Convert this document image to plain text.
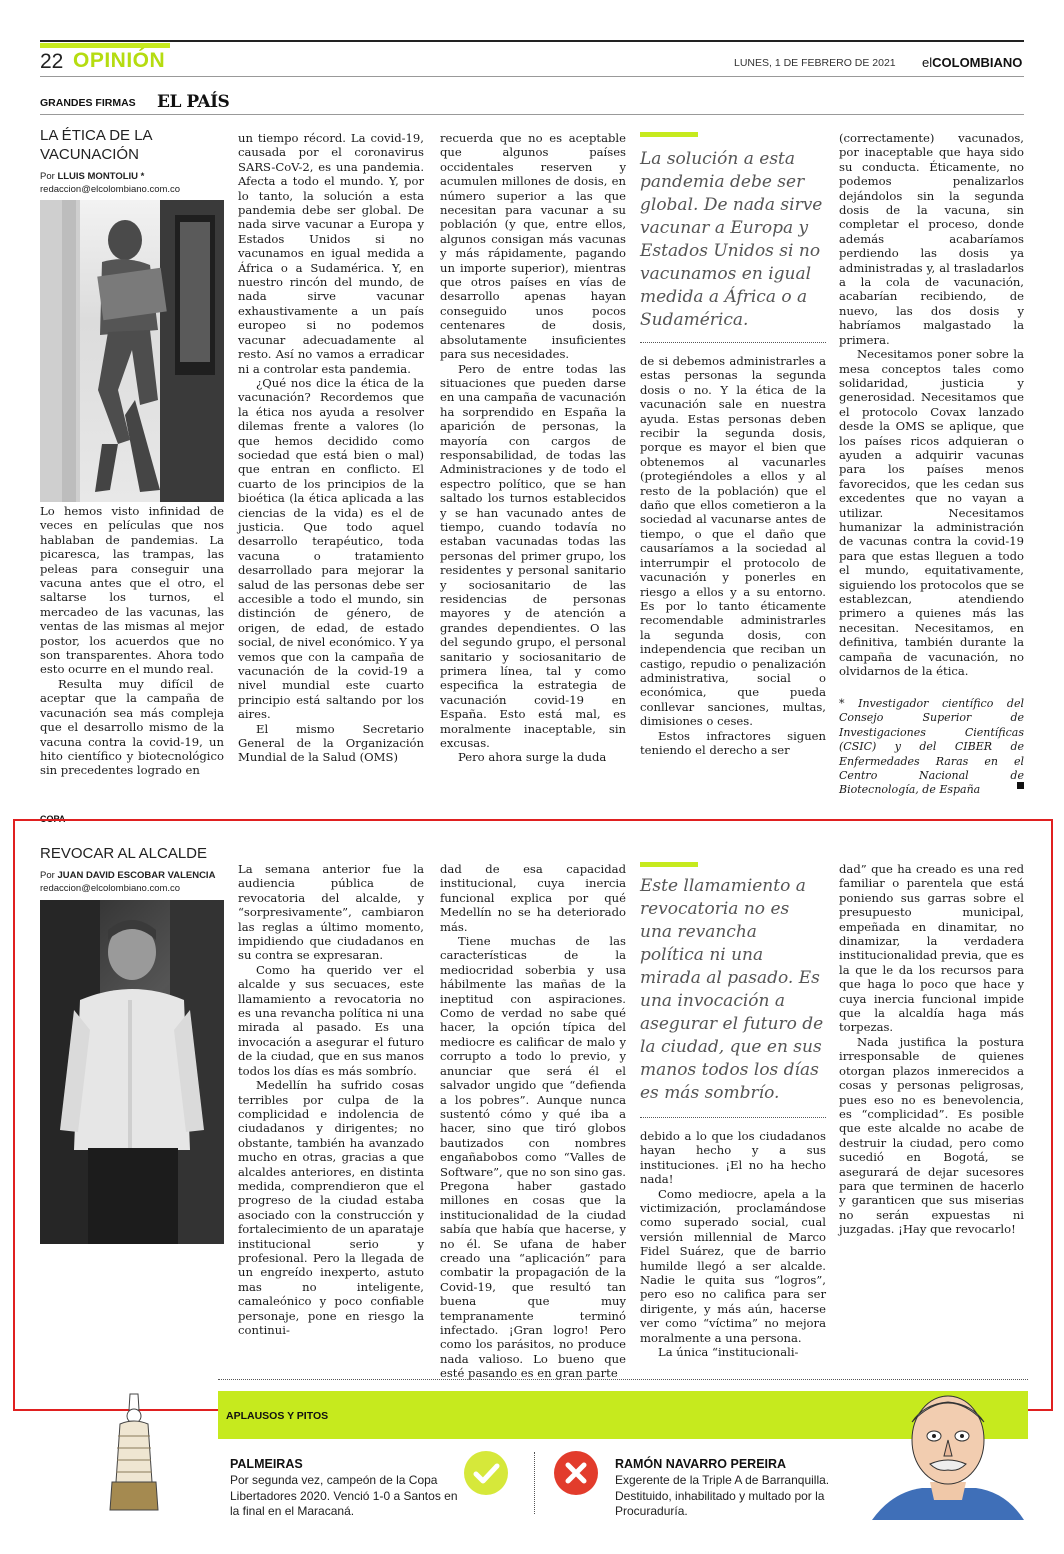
22 OPINIÓN	LUNES, 1 DE FEBRERO DE 2021 elCOLOMBIANO
GRANDES FIRMAS EL PAÍS
LA ÉTICA DE LA VACUNACIÓN
Por LLUIS MONTOLIU *
redaccion@elcolombiano.com.co

Lo hemos visto infinidad de veces en películas que nos hablaban de pandemias. La picaresca, las trampas, las peleas para conseguir una vacuna antes que el otro, el saltarse los turnos, el mercadeo de las vacunas, las ventas de las mismas al mejor postor, los acuerdos que no son transparentes. Ahora todo esto ocurre en el mundo real.

Resulta muy difícil de aceptar que la campaña de vacunación sea más compleja que el desarrollo mismo de la vacuna contra la covid-19, un hito científico y biotecnológico sin precedentes logrado en

un tiempo récord. La covid-19, causada por el coronavirus SARS-CoV-2, es una pandemia. Afecta a todo el mundo. Y, por lo tanto, la solución a esta pandemia debe ser global. De nada sirve vacunar a Europa y Estados Unidos si no vacunamos en igual medida a África o a Sudamérica. Y, en nuestro rincón del mundo, de nada sirve vacunar exhaustivamente a un país europeo si no podemos vacunar adecuadamente al resto. Así no vamos a erradicar ni a controlar esta pandemia.

¿Qué nos dice la ética de la vacunación? Recordemos que la ética nos ayuda a resolver dilemas frente a valores (lo que hemos decidido como sociedad que está bien o mal) que entran en conflicto. El cuarto de los principios de la bioética (la ética aplicada a las ciencias de la vida) es el de justicia. Que todo aquel desarrollo terapéutico, toda vacuna o tratamiento desarrollado para mejorar la salud de las personas debe ser accesible a todo el mundo, sin distinción de género, de origen, de edad, de estado social, de nivel económico. Y ya vemos que con la campaña de vacunación de la covid-19 a nivel mundial este cuarto principio está saltando por los aires.

El mismo Secretario General de la Organización Mundial de la Salud (OMS)

recuerda que no es aceptable que algunos países occidentales reserven y acumulen millones de dosis, en número superior a las que necesitan para vacunar a su población (y que, entre ellos, algunos consigan más vacunas y más rápidamente, pagando un importe superior), mientras que otros países en vías de desarrollo apenas hayan conseguido unos pocos centenares de dosis, absolutamente insuficientes para sus necesidades.

Pero de entre todas las situaciones que pueden darse en una campaña de vacunación ha sorprendido en España la aparición de personas, la mayoría con cargos de responsabilidad, de todas las Administraciones y de todo el espectro político, que se han saltado los turnos establecidos y se han vacunado antes de tiempo, cuando todavía no estaban vacunadas todas las personas del primer grupo, los residentes y personal sanitario y sociosanitario de las residencias de personas mayores y de atención a grandes dependientes. O las del segundo grupo, el personal sanitario y sociosanitario de primera línea, tal y como especifica la estrategia de vacunación covid-19 en España. Esto está mal, es moralmente inaceptable, sin excusas.

Pero ahora surge la duda

La solución a esta pandemia debe ser global. De nada sirve vacunar a Europa y Estados Unidos si no vacunamos en igual medida a África o a Sudamérica.

de si debemos administrarles a estas personas la segunda dosis o no. Y la ética de la vacunación sale en nuestra ayuda. Estas personas deben recibir la segunda dosis, porque es mayor el bien que obtenemos al vacunarles (protegiéndoles a ellos y al resto de la población) que el daño que ellos cometieron a la sociedad al vacunarse antes de tiempo, o que el daño que causaríamos a la sociedad al interrumpir el protocolo de vacunación y ponerles en riesgo a ellos y a su entorno. Es por lo tanto éticamente recomendable administrarles la segunda dosis, con independencia que reciban un castigo, repudio o penalización administrativa, social o económica, que pueda conllevar sanciones, multas, dimisiones o ceses.

Estos infractores siguen teniendo el derecho a ser

(correctamente) vacunados, por inaceptable que haya sido su conducta. Éticamente, no podemos penalizarlos dejándolos sin la segunda dosis de la vacuna, sin completar el proceso, donde además acabaríamos perdiendo las dosis ya administradas y, al trasladarlos a la cola de vacunación, acabarían recibiendo, de nuevo, las dos dosis y habríamos malgastado la primera.

Necesitamos poner sobre la mesa conceptos tales como solidaridad, justicia y generosidad. Necesitamos que el protocolo Covax lanzado desde la OMS se aplique, que los países ricos adquieran o ayuden a adquirir vacunas para los países menos favorecidos, que les cedan sus excedentes que no vayan a utilizar. Necesitamos humanizar la administración de vacunas contra la covid-19 para que estas lleguen a todo el mundo, equitativamente, siguiendo los protocolos que se establezcan, atendiendo primero a quienes más las necesitan. Necesitamos, en definitiva, también durante la campaña de vacunación, no olvidarnos de la ética.

* Investigador científico del Consejo Superior de Investigaciones Científicas (CSIC) y del CIBER de Enfermedades Raras en el Centro Nacional de Biotecnología, de España
COPA
REVOCAR AL ALCALDE
Por JUAN DAVID ESCOBAR VALENCIA
redaccion@elcolombiano.com.co

La semana anterior fue la audiencia pública de revocatoria del alcalde, y “sorpresivamente”, cambiaron las reglas a último momento, impidiendo que ciudadanos en su contra se expresaran.

Como ha querido ver el alcalde y sus secuaces, este llamamiento a revocatoria no es una revancha política ni una mirada al pasado. Es una invocación a asegurar el futuro de la ciudad, que en sus manos todos los días es más sombrío.

Medellín ha sufrido cosas terribles por culpa de la complicidad e indolencia de ciudadanos y dirigentes; no obstante, también ha avanzado mucho en otras, gracias a que alcaldes anteriores, en distinta medida, comprendieron que el progreso de la ciudad estaba asociado con la construcción y fortalecimiento de un aparataje institucional serio y profesional. Pero la llegada de un engreído inexperto, astuto mas no inteligente, camaleónico y poco confiable personaje, pone en riesgo la continui-

dad de esa capacidad institucional, cuya inercia funcional explica por qué Medellín no se ha deteriorado más.

Tiene muchas de las características de la mediocridad soberbia y usa hábilmente las mañas de la ineptitud con aspiraciones. Como de verdad no sabe qué hacer, la opción típica del mediocre es calificar de malo y corrupto a todo lo previo, y anunciar que será él el salvador ungido que “defienda a los pobres”. Aunque nunca sustentó cómo y qué iba a hacer, sino que tiró globos bautizados con nombres engañabobos como “Valles de Software”, que no son sino gas. Pregona haber gastado millones en cosas que la institucionalidad de la ciudad sabía que había que hacerse, y no él. Se ufana de haber creado una “aplicación” para combatir la propagación de la Covid-19, que resultó tan buena que muy tempranamente terminó infectado. ¡Gran logro! Pero como los parásitos, no produce nada valioso. Lo bueno que esté pasando es en gran parte

Este llamamiento a revocatoria no es una revancha política ni una mirada al pasado. Es una invocación a asegurar el futuro de la ciudad, que en sus manos todos los días es más sombrío.

debido a lo que los ciudadanos hayan hecho y a sus instituciones. ¡El no ha hecho nada!

Como mediocre, apela a la victimización, proclamándose como superado social, cual versión millennial de Marco Fidel Suárez, que de barrio humilde llegó a ser alcalde. Nadie le quita sus “logros”, pero eso no califica para ser dirigente, y más aún, hacerse ver como “víctima” no mejora moralmente a una persona.

La única “institucionali-

dad” que ha creado es una red familiar o parentela que está poniendo sus garras sobre el presupuesto municipal, empeñada en dinamitar, no dinamizar, la verdadera institucionalidad previa, que es la que le da los recursos para que haga lo poco que hace y cuya inercia funcional impide que la alcaldía haga más torpezas.

Nada justifica la postura irresponsable de quienes otorgan plazos inmerecidos a cosas y personas peligrosas, pues eso no es benevolencia, es “complicidad”. Es posible que este alcalde no acabe de destruir la ciudad, pero como sucedió en Bogotá, se asegurará de dejar sucesores para que terminen de hacerlo y garanticen que sus miserias no serán expuestas ni juzgadas. ¡Hay que revocarlo!

APLAUSOS Y PITOS
PALMEIRAS
Por segunda vez, campeón de la Copa Libertadores 2020. Venció 1-0 a Santos en la final en el Maracaná.
RAMÓN NAVARRO PEREIRA
Exgerente de la Triple A de Barranquilla. Destituido, inhabilitado y multado por la Procuraduría.
